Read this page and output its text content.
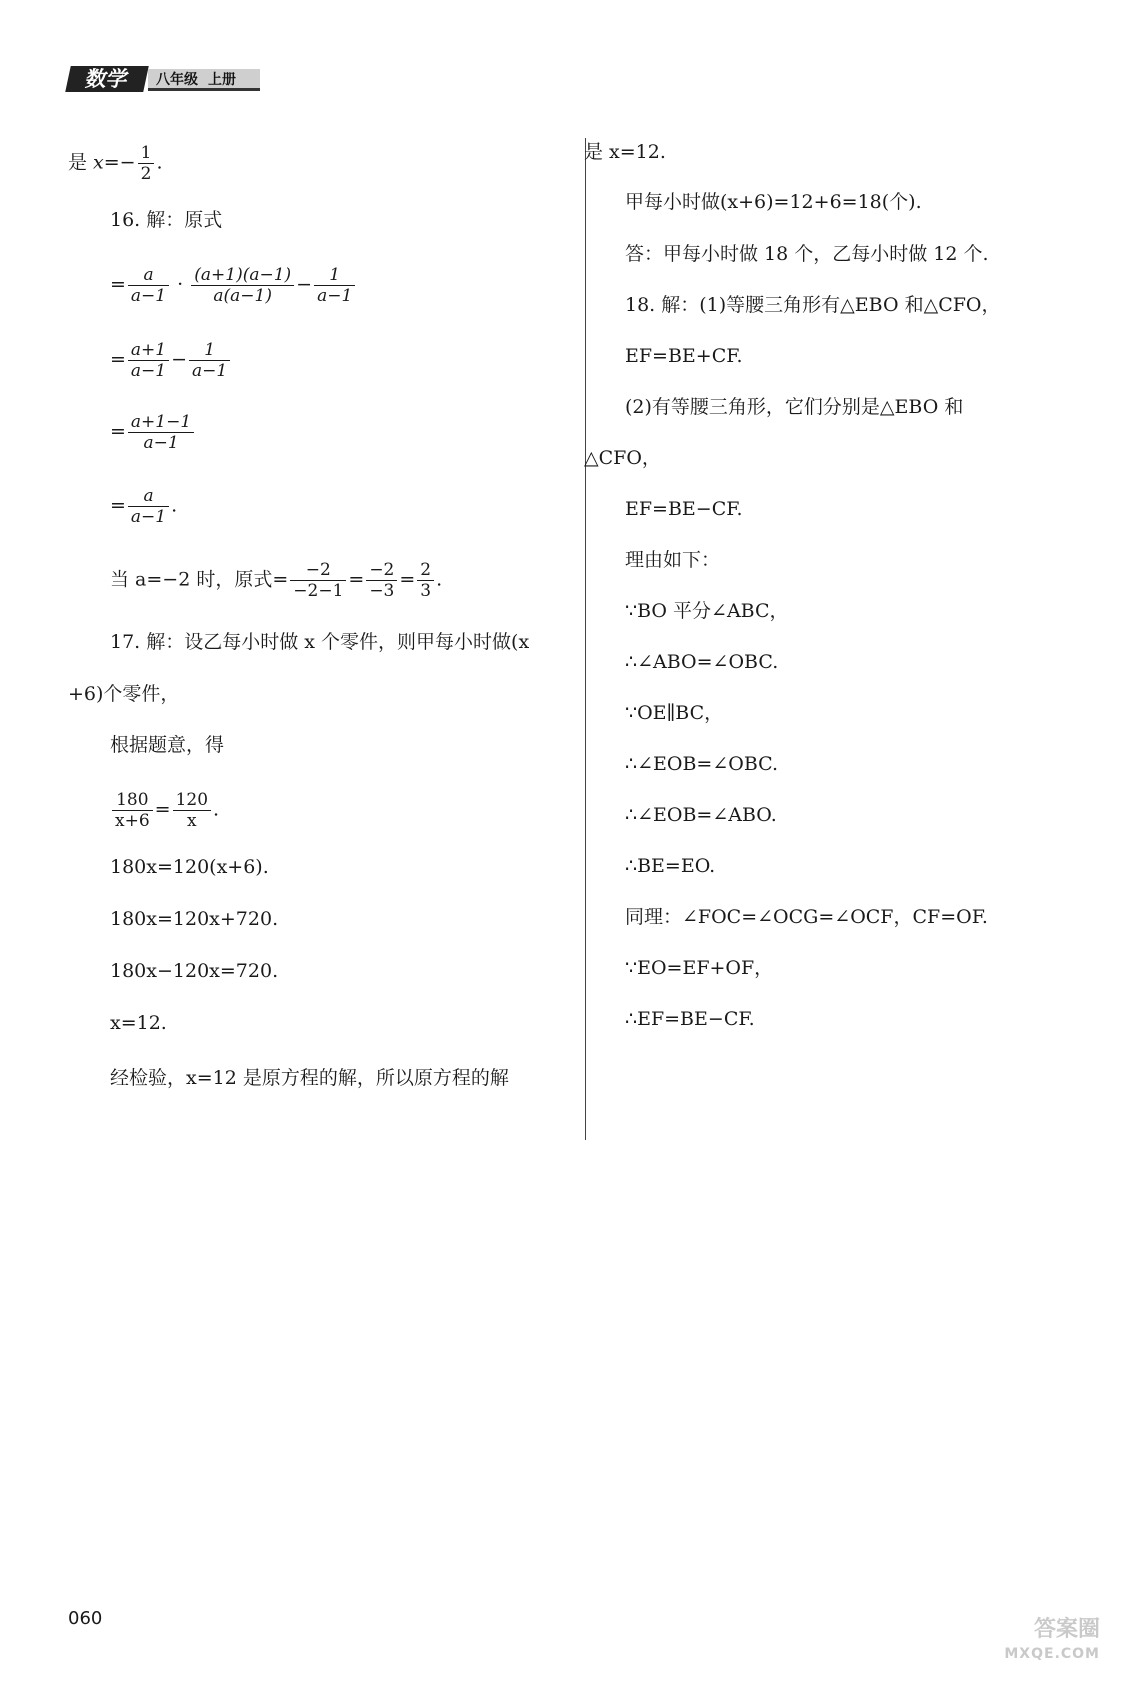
数学	八年级 上册
是 $x=- \frac{1}{2}$ .
16. 解：原式
= $\frac{a}{a-1} \cdot \frac{(a+1)(a-1)}{a(a-1)} - \frac{1}{a-1}$
= $\frac{a+1}{a-1} - \frac{1}{a-1}$
= $\frac{a+1-1}{a-1}$
= $\frac{a}{a-1}$ .
当 a=−2 时，原式= $\frac{-2}{-2-1} = \frac{-2}{-3} = \frac{2}{3}$ .
17. 解：设乙每小时做 x 个零件，则甲每小时做(x
+6)个零件，
根据题意，得
$\frac{180}{x+6} = \frac{120}{x}$ .
180x=120(x+6).
180x=120x+720.
180x−120x=720.
x=12.
经检验，x=12 是原方程的解，所以原方程的解
是 x=12.
甲每小时做(x+6)=12+6=18(个).
答：甲每小时做 18 个，乙每小时做 12 个.
18. 解：(1)等腰三角形有△EBO 和△CFO，
EF=BE+CF.
(2)有等腰三角形，它们分别是△EBO 和
△CFO，
EF=BE−CF.
理由如下：
∵BO 平分∠ABC，
∴∠ABO=∠OBC.
∵OE∥BC，
∴∠EOB=∠OBC.
∴∠EOB=∠ABO.
∴BE=EO.
同理：∠FOC=∠OCG=∠OCF，CF=OF.
∵EO=EF+OF，
∴EF=BE−CF.
060	答案圈
MXQE.COM
